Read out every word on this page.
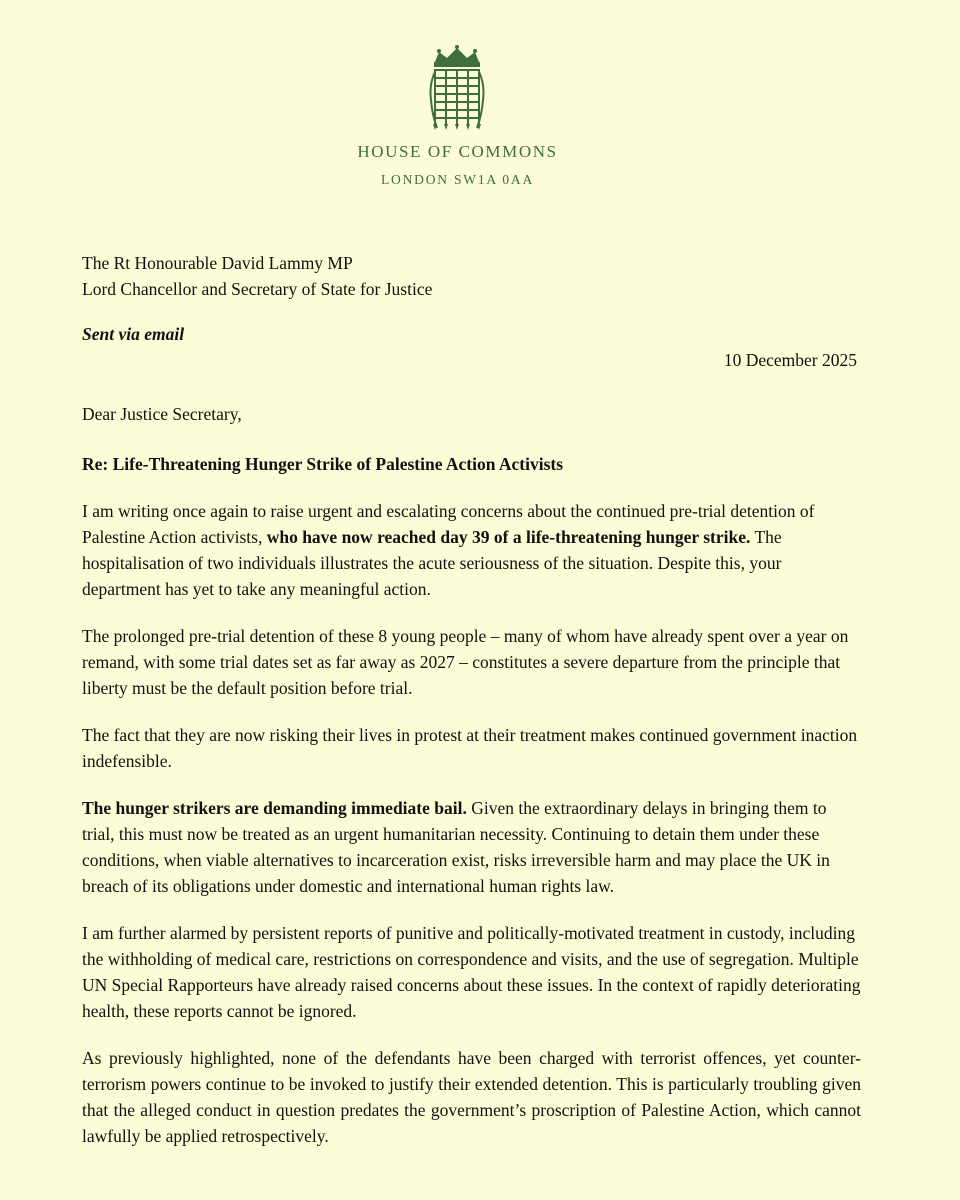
HOUSE OF COMMONS
LONDON SW1A 0AA
The Rt Honourable David Lammy MP
Lord Chancellor and Secretary of State for Justice
Sent via email
10 December 2025
Dear Justice Secretary,
Re: Life-Threatening Hunger Strike of Palestine Action Activists

I am writing once again to raise urgent and escalating concerns about the continued pre-trial detention of Palestine Action activists, who have now reached day 39 of a life-threatening hunger strike. The hospitalisation of two individuals illustrates the acute seriousness of the situation. Despite this, your department has yet to take any meaningful action.

The prolonged pre-trial detention of these 8 young people – many of whom have already spent over a year on remand, with some trial dates set as far away as 2027 – constitutes a severe departure from the principle that liberty must be the default position before trial.

The fact that they are now risking their lives in protest at their treatment makes continued government inaction indefensible.

The hunger strikers are demanding immediate bail. Given the extraordinary delays in bringing them to trial, this must now be treated as an urgent humanitarian necessity. Continuing to detain them under these conditions, when viable alternatives to incarceration exist, risks irreversible harm and may place the UK in breach of its obligations under domestic and international human rights law.

I am further alarmed by persistent reports of punitive and politically-motivated treatment in custody, including the withholding of medical care, restrictions on correspondence and visits, and the use of segregation. Multiple UN Special Rapporteurs have already raised concerns about these issues. In the context of rapidly deteriorating health, these reports cannot be ignored.

As previously highlighted, none of the defendants have been charged with terrorist offences, yet counter-terrorism powers continue to be invoked to justify their extended detention. This is particularly troubling given that the alleged conduct in question predates the government’s proscription of Palestine Action, which cannot lawfully be applied retrospectively.
